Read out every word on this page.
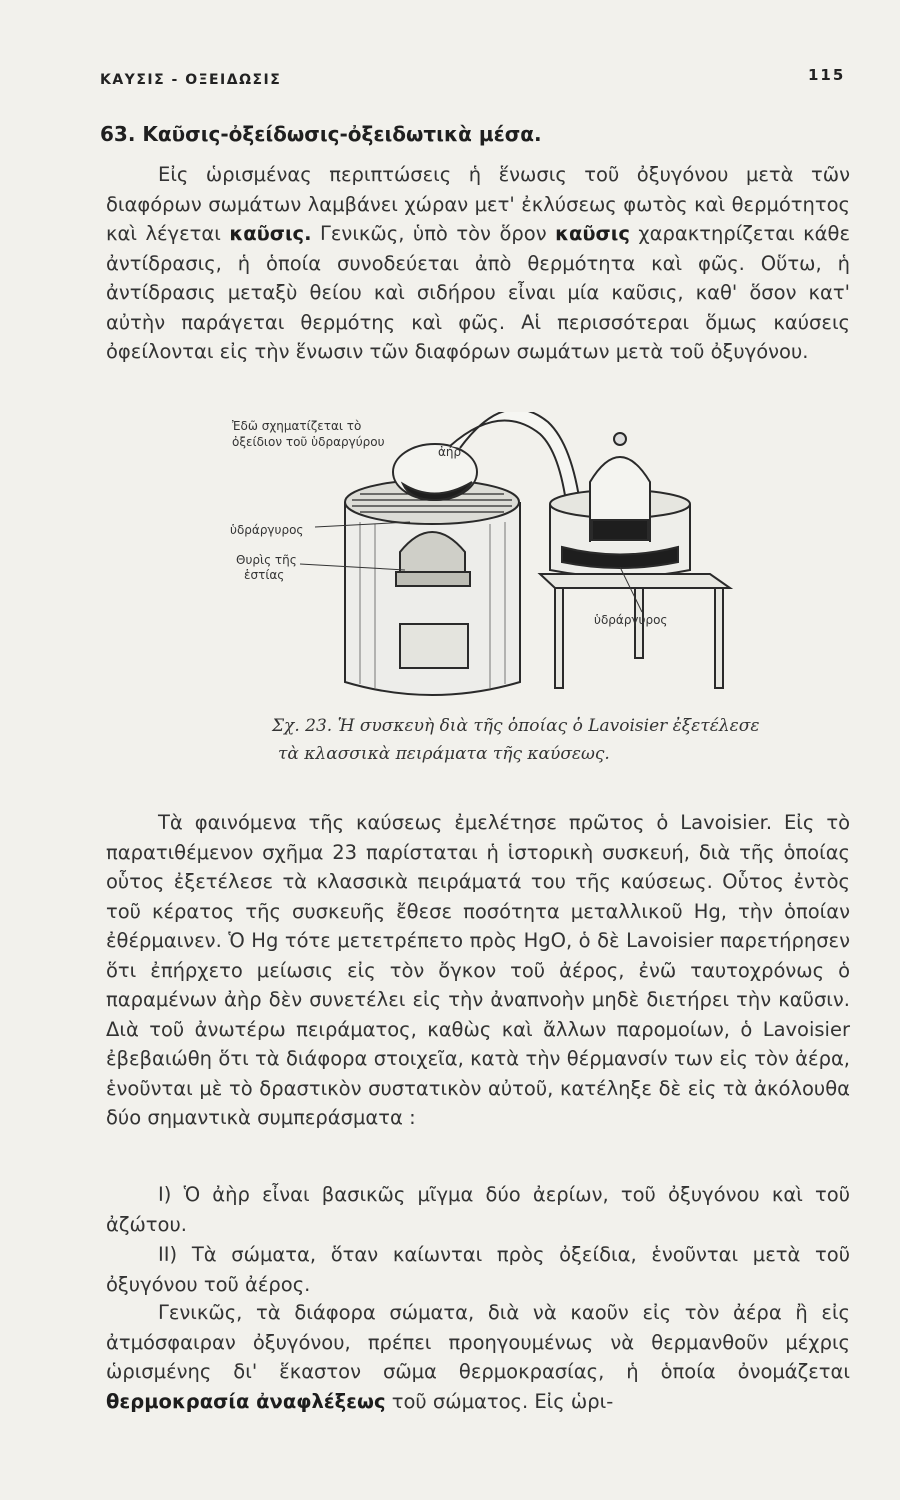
ΚΑΥΣΙΣ - ΟΞΕΙΔΩΣΙΣ	115
63. Καῦσις-ὀξείδωσις-ὀξειδωτικὰ μέσα.

Εἰς ὡρισμένας περιπτώσεις ἡ ἕνωσις τοῦ ὀξυγόνου μετὰ τῶν διαφόρων σωμάτων λαμβάνει χώραν μετ' ἐκλύσεως φωτὸς καὶ θερμότητος καὶ λέγεται καῦσις. Γενικῶς, ὑπὸ τὸν ὅρον καῦσις χαρακτηρίζεται κάθε ἀντίδρασις, ἡ ὁποία συνοδεύεται ἀπὸ θερμότητα καὶ φῶς. Οὕτω, ἡ ἀντίδρασις μεταξὺ θείου καὶ σιδήρου εἶναι μία καῦσις, καθ' ὅσον κατ' αὐτὴν παράγεται θερμότης καὶ φῶς. Αἱ περισσότεραι ὅμως καύσεις ὀφείλονται εἰς τὴν ἕνωσιν τῶν διαφόρων σωμάτων μετὰ τοῦ ὀξυγόνου.

Ἐδῶ σχηματίζεται τὸ
ὀξείδιον τοῦ ὑδραργύρου
ἀήρ
ὑδράργυρος
Θυρὶς τῆς
ἑστίας
ὑδράργυρος
Σχ. 23. Ἡ συσκευὴ διὰ τῆς ὁποίας ὁ Lavoisier ἐξετέλεσε
τὰ κλασσικὰ πειράματα τῆς καύσεως.

Τὰ φαινόμενα τῆς καύσεως ἐμελέτησε πρῶτος ὁ Lavoisier. Εἰς τὸ παρατιθέμενον σχῆμα 23 παρίσταται ἡ ἱστορικὴ συσκευή, διὰ τῆς ὁποίας οὗτος ἐξετέλεσε τὰ κλασσικὰ πειράματά του τῆς καύσεως. Οὗτος ἐντὸς τοῦ κέρατος τῆς συσκευῆς ἔθεσε ποσότητα μεταλλικοῦ Hg, τὴν ὁποίαν ἐθέρμαινεν. Ὁ Hg τότε μετετρέπετο πρὸς HgO, ὁ δὲ Lavoisier παρετήρησεν ὅτι ἐπήρχετο μείωσις εἰς τὸν ὄγκον τοῦ ἀέρος, ἐνῶ ταυτοχρόνως ὁ παραμένων ἀὴρ δὲν συνετέλει εἰς τὴν ἀναπνοὴν μηδὲ διετήρει τὴν καῦσιν. Διὰ τοῦ ἀνωτέρω πειράματος, καθὼς καὶ ἄλλων παρομοίων, ὁ Lavoisier ἐβεβαιώθη ὅτι τὰ διάφορα στοιχεῖα, κατὰ τὴν θέρμανσίν των εἰς τὸν ἀέρα, ἑνοῦνται μὲ τὸ δραστικὸν συστατικὸν αὐτοῦ, κατέληξε δὲ εἰς τὰ ἀκόλουθα δύο σημαντικὰ συμπεράσματα :

Ι) Ὁ ἀὴρ εἶναι βασικῶς μῖγμα δύο ἀερίων, τοῦ ὀξυγόνου καὶ τοῦ ἀζώτου.

ΙΙ) Τὰ σώματα, ὅταν καίωνται πρὸς ὀξείδια, ἑνοῦνται μετὰ τοῦ ὀξυγόνου τοῦ ἀέρος.

Γενικῶς, τὰ διάφορα σώματα, διὰ νὰ καοῦν εἰς τὸν ἀέρα ἢ εἰς ἀτμόσφαιραν ὀξυγόνου, πρέπει προηγουμένως νὰ θερμανθοῦν μέχρις ὡρισμένης δι' ἕκαστον σῶμα θερμοκρασίας, ἡ ὁποία ὀνομάζεται θερμοκρασία ἀναφλέξεως τοῦ σώματος. Εἰς ὡρι-
